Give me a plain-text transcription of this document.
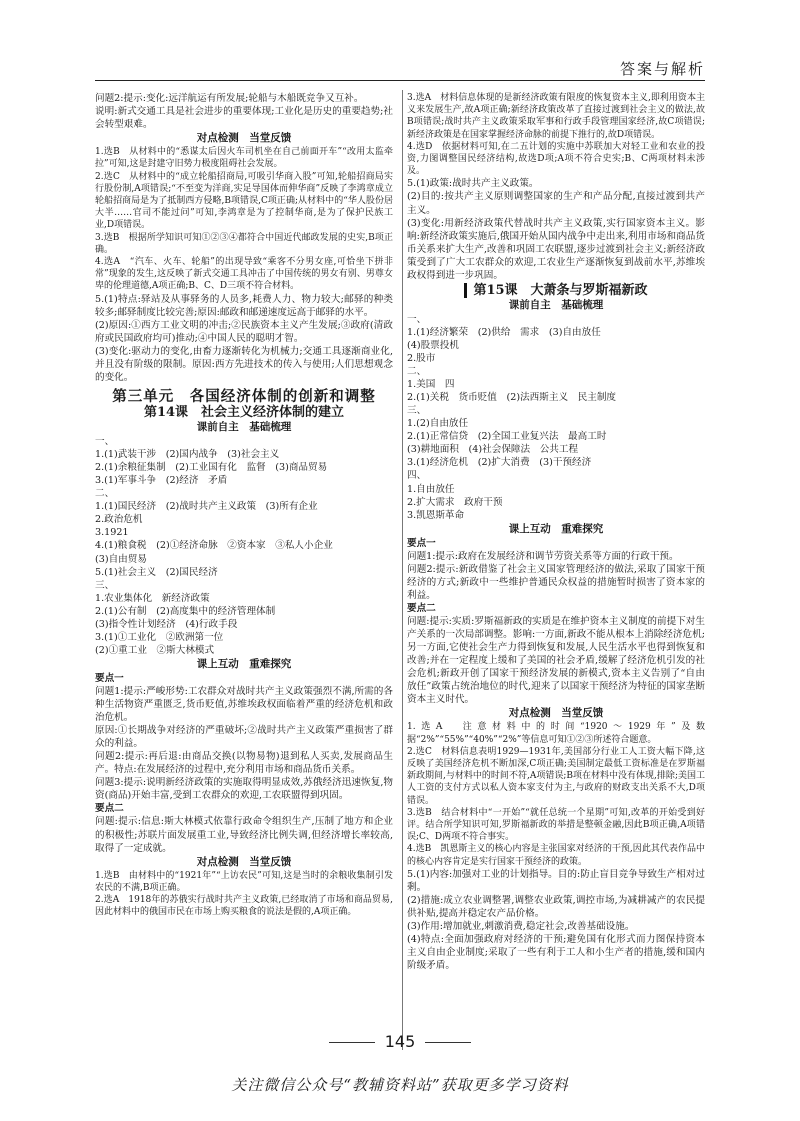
答案与解析
问题2:提示:变化:远洋航运有所发展;轮船与木船既竞争又互补。
说明:新式交通工具是社会进步的重要体现;工业化是历史的重要趋势;社会转型艰难。
对点检测　当堂反馈
1.选B　从材料中的“悉谋太后因火车司机坐在自己前面开车”“改用太监牵拉”可知,这是封建守旧势力极度阻碍社会发展。
2.选C　从材料中的“成立轮船招商局,可吸引华商入股”可知,轮船招商局实行股份制,A项错误;“不至变为洋商,实足导国体而伸华商”反映了李鸿章成立轮船招商局是为了抵制西方侵略,B项错误,C项正确;从材料中的“华人股份居大半……官司不能过问”可知,李鸿章是为了控制华商,是为了保护民族工业,D项错误。
3.选B　根据所学知识可知①②③④都符合中国近代邮政发展的史实,B项正确。
4.选A　“汽车、火车、轮船”的出现导致“乘客不分男女座,可恰坐下拼非常”现象的发生,这反映了新式交通工具冲击了中国传统的男女有别、男尊女卑的伦理道德,A项正确;B、C、D三项不符合材料。
5.(1)特点:驿站及从事驿务的人员多,耗费人力、物力较大;邮驿的种类较多;邮驿制度比较完善;原因:邮政和邮递速度远高于邮驿的水平。
(2)原因:①西方工业文明的冲击;②民族资本主义产生发展;③政府(清政府或民国政府均可)推动;④中国人民的聪明才智。
(3)变化:驱动力的变化,由畜力逐渐转化为机械力;交通工具逐渐商业化,并且没有阶级的限制。原因:西方先进技术的传入与使用;人们思想观念的变化。
第三单元　各国经济体制的创新和调整
第14课　社会主义经济体制的建立
课前自主　基础梳理
一、
1.(1)武装干涉　(2)国内战争　(3)社会主义
2.(1)余粮征集制　(2)工业国有化　监督　(3)商品贸易
3.(1)军事斗争　(2)经济　矛盾
二、
1.(1)国民经济　(2)战时共产主义政策　(3)所有企业
2.政治危机
3.1921
4.(1)粮食税　(2)①经济命脉　②资本家　③私人小企业
(3)自由贸易
5.(1)社会主义　(2)国民经济
三、
1.农业集体化　新经济政策
2.(1)公有制　(2)高度集中的经济管理体制
(3)指令性计划经济　(4)行政手段
3.(1)①工业化　②欧洲第一位
(2)①重工业　②斯大林模式
课上互动　重难探究
要点一
问题1:提示:严峻形势:工农群众对战时共产主义政策强烈不满,所需的各种生活物资严重匮乏,货币贬值,苏维埃政权面临着严重的经济危机和政治危机。
原因:①长期战争对经济的严重破坏;②战时共产主义政策严重损害了群众的利益。
问题2:提示:再后退:由商品交换(以物易物)退到私人买卖,发展商品生产。特点:在发展经济的过程中,充分利用市场和商品货币关系。
问题3:提示:说明新经济政策的实施取得明显成效,苏俄经济迅速恢复,物资(商品)开始丰富,受到工农群众的欢迎,工农联盟得到巩固。
要点二
问题:提示:信息:斯大林模式依靠行政命令组织生产,压制了地方和企业的积极性;苏联片面发展重工业,导致经济比例失调,但经济增长率较高,取得了一定成就。
对点检测　当堂反馈
1.选B　由材料中的“1921年”“上访农民”可知,这是当时的余粮收集制引发农民的不满,B项正确。
2.选A　1918年的苏俄实行战时共产主义政策,已经取消了市场和商品贸易,因此材料中的俄国市民在市场上购买粮食的说法是假的,A项正确。
3.选A　材料信息体现的是新经济政策有限度的恢复资本主义,即利用资本主义来发展生产,故A项正确;新经济政策改革了直接过渡到社会主义的做法,故B项错误;战时共产主义政策采取军事和行政手段管理国家经济,故C项错误;新经济政策是在国家掌握经济命脉的前提下推行的,故D项错误。
4.选D　依据材料可知,在二五计划的实施中苏联加大对轻工业和农业的投资,力图调整国民经济结构,故选D项;A项不符合史实;B、C两项材料未涉及。
5.(1)政策:战时共产主义政策。
(2)目的:按共产主义原则调整国家的生产和产品分配,直接过渡到共产主义。
(3)变化:用新经济政策代替战时共产主义政策,实行国家资本主义。影响:新经济政策实施后,俄国开始从国内战争中走出来,利用市场和商品货币关系来扩大生产,改善和巩固工农联盟,逐步过渡到社会主义;新经济政策受到了广大工农群众的欢迎,工农业生产逐渐恢复到战前水平,苏维埃政权得到进一步巩固。
第15课　大萧条与罗斯福新政
课前自主　基础梳理
一、
1.(1)经济繁荣　(2)供给　需求　(3)自由放任
(4)股票投机
2.股市
二、
1.美国　四
2.(1)关税　货币贬值　(2)法西斯主义　民主制度
三、
1.(2)自由放任
2.(1)正常信贷　(2)全国工业复兴法　最高工时
(3)耕地面积　(4)社会保障法　公共工程
3.(1)经济危机　(2)扩大消费　(3)干预经济
四、
1.自由放任
2.扩大需求　政府干预
3.凯恩斯革命
课上互动　重难探究
要点一
问题1:提示:政府在发展经济和调节劳资关系等方面的行政干预。
问题2:提示:新政借鉴了社会主义国家管理经济的做法,采取了国家干预经济的方式;新政中一些维护普通民众权益的措施暂时损害了资本家的利益。
要点二
问题:提示:实质:罗斯福新政的实质是在维护资本主义制度的前提下对生产关系的一次局部调整。影响:一方面,新政不能从根本上消除经济危机;另一方面,它使社会生产力得到恢复和发展,人民生活水平也得到恢复和改善;并在一定程度上缓和了美国的社会矛盾,缓解了经济危机引发的社会危机;新政开创了国家干预经济发展的新模式,资本主义告别了“自由放任”政策占统治地位的时代,迎来了以国家干预经济为特征的国家垄断资本主义时代。
对点检测　当堂反馈
1.选A　注意材料中的时间“1920～1929年”及数据“2%”“55%”“40%”“2%”等信息可知①②③所述符合题意。
2.选C　材料信息表明1929—1931年,美国部分行业工人工资大幅下降,这反映了美国经济危机不断加深,C项正确;美国制定最低工资标准是在罗斯福新政期间,与材料中的时间不符,A项错误;B项在材料中没有体现,排除;美国工人工资的支付方式以私人资本家支付为主,与政府的财政支出关系不大,D项错误。
3.选B　结合材料中“一开始”“就任总统一个星期”可知,改革的开始受到好评。结合所学知识可知,罗斯福新政的举措是整顿金融,因此B项正确,A项错误;C、D两项不符合事实。
4.选B　凯恩斯主义的核心内容是主张国家对经济的干预,因此其代表作品中的核心内容肯定是实行国家干预经济的政策。
5.(1)内容:加强对工业的计划指导。目的:防止盲目竞争导致生产相对过剩。
(2)措施:成立农业调整署,调整农业政策,调控市场,为减耕减产的农民提供补贴,提高并稳定农产品价格。
(3)作用:增加就业,刺激消费,稳定社会,改善基础设施。
(4)特点:全面加强政府对经济的干预;避免国有化形式而力图保持资本主义自由企业制度;采取了一些有利于工人和小生产者的措施,缓和国内阶级矛盾。
145
关注微信公众号“教辅资料站”获取更多学习资料
